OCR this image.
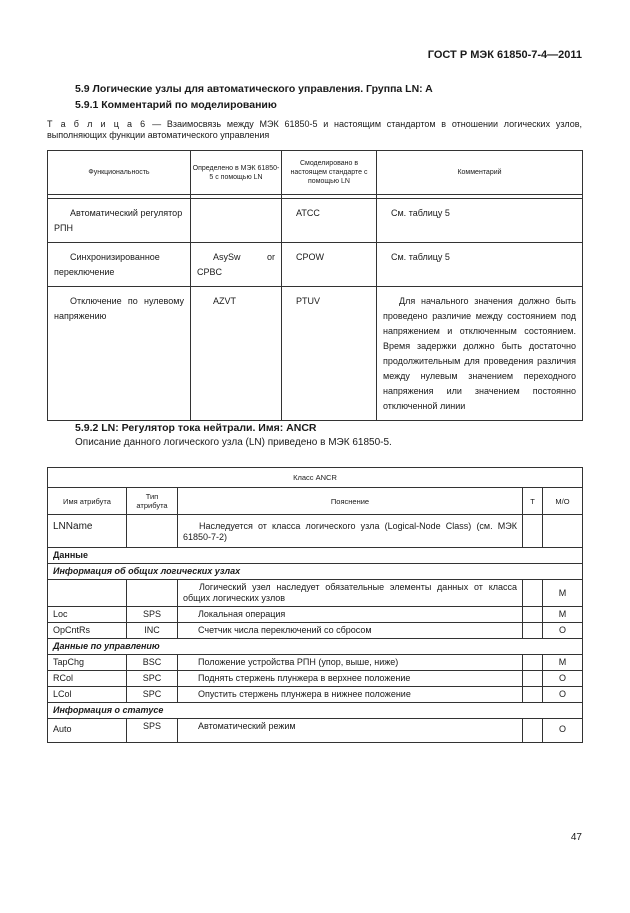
ГОСТ Р МЭК 61850-7-4—2011
5.9 Логические узлы для автоматического управления. Группа LN: A
5.9.1 Комментарий по моделированию
Т а б л и ц а 6 — Взаимосвязь между МЭК 61850-5 и настоящим стандартом в отношении логических узлов, выполняющих функции автоматического управления
Функциональность	Определено в МЭК 61850-5 с помощью LN	Смоделировано в настоящем стандарте с помощью LN	Комментарий

Автоматический регулятор РПН		ATCC	См. таблицу 5
Синхронизированное переключение	AsySw or CPBC	CPOW	См. таблицу 5
Отключение по нулевому напряжению	AZVT	PTUV	Для начального значения должно быть проведено различие между состоянием под напряжением и отключенным состоянием. Время задержки должно быть достаточно продолжительным для проведения различия между нулевым значением переходного напряжения или значением постоянно отключенной линии
5.9.2 LN: Регулятор тока нейтрали. Имя: ANCR
Описание данного логического узла (LN) приведено в МЭК 61850-5.
Класс ANCR				
Имя атрибута	Тип атрибута	Пояснение	Т	М/О
LNName		Наследуется от класса логического узла (Logical-Node Class) (см. МЭК 61850-7-2)		
Данные				
Информация об общих логических узлах				
		Логический узел наследует обязательные элементы данных от класса общих логических узлов		М
Loc	SPS	Локальная операция		М
OpCntRs	INC	Счетчик числа переключений со сбросом		О
Данные по управлению				
TapChg	BSC	Положение устройства РПН (упор, выше, ниже)		М
RCol	SPC	Поднять стержень плунжера в верхнее положение		О
LCol	SPC	Опустить стержень плунжера в нижнее положение		О
Информация о статусе				
Auto	SPS	Автоматический режим		О
47
